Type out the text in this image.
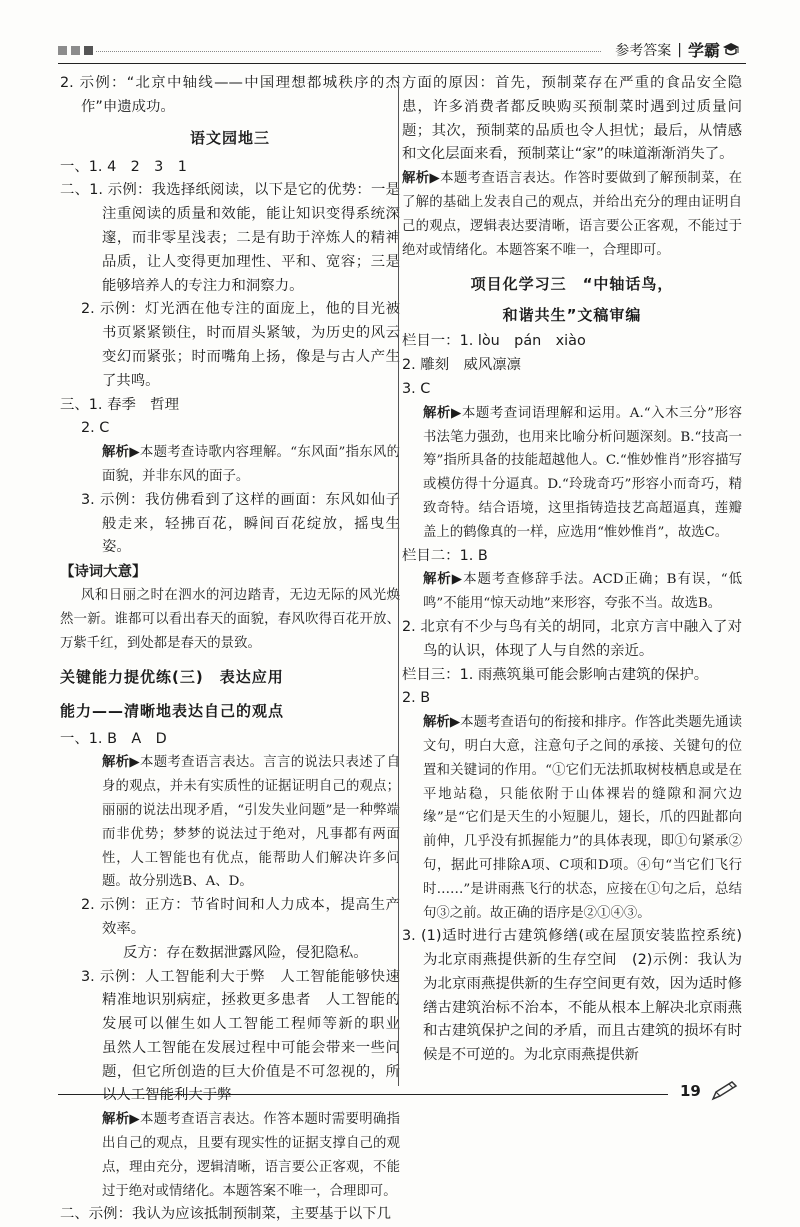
参考答案 | 学霸

2. 示例：“北京中轴线——中国理想都城秩序的杰作”申遗成功。

语文园地三

一、1. 4　2　3　1

二、1. 示例：我选择纸阅读，以下是它的优势：一是注重阅读的质量和效能，能让知识变得系统深邃，而非零星浅表；二是有助于淬炼人的精神品质，让人变得更加理性、平和、宽容；三是能够培养人的专注力和洞察力。

2. 示例：灯光洒在他专注的面庞上，他的目光被书页紧紧锁住，时而眉头紧皱，为历史的风云变幻而紧张；时而嘴角上扬，像是与古人产生了共鸣。

三、1. 春季　哲理

2. C

解析▶本题考查诗歌内容理解。“东风面”指东风的面貌，并非东风的面子。

3. 示例：我仿佛看到了这样的画面：东风如仙子般走来，轻拂百花，瞬间百花绽放，摇曳生姿。

【诗词大意】

风和日丽之时在泗水的河边踏青，无边无际的风光焕然一新。谁都可以看出春天的面貌，春风吹得百花开放、万紫千红，到处都是春天的景致。

关键能力提优练(三)　表达应用

能力——清晰地表达自己的观点

一、1. B　A　D

解析▶本题考查语言表达。言言的说法只表述了自身的观点，并未有实质性的证据证明自己的观点；丽丽的说法出现矛盾，“引发失业问题”是一种弊端而非优势；梦梦的说法过于绝对，凡事都有两面性，人工智能也有优点，能帮助人们解决许多问题。故分别选B、A、D。

2. 示例：正方：节省时间和人力成本，提高生产效率。

反方：存在数据泄露风险，侵犯隐私。

3. 示例：人工智能利大于弊　人工智能能够快速精准地识别病症，拯救更多患者　人工智能的发展可以催生如人工智能工程师等新的职业　虽然人工智能在发展过程中可能会带来一些问题，但它所创造的巨大价值是不可忽视的，所以人工智能利大于弊

解析▶本题考查语言表达。作答本题时需要明确指出自己的观点，且要有现实性的证据支撑自己的观点，理由充分，逻辑清晰，语言要公正客观，不能过于绝对或情绪化。本题答案不唯一，合理即可。

二、示例：我认为应该抵制预制菜，主要基于以下几

方面的原因：首先，预制菜存在严重的食品安全隐患，许多消费者都反映购买预制菜时遇到过质量问题；其次，预制菜的品质也令人担忧；最后，从情感和文化层面来看，预制菜让“家”的味道渐渐消失了。

解析▶本题考查语言表达。作答时要做到了解预制菜，在了解的基础上发表自己的观点，并给出充分的理由证明自己的观点，逻辑表达要清晰，语言要公正客观，不能过于绝对或情绪化。本题答案不唯一，合理即可。

项目化学习三　“中轴话鸟，

和谐共生”文稿审编

栏目一：1. lòu　pán　xiào

2. 雕刻　威风凛凛

3. C

解析▶本题考查词语理解和运用。A.“入木三分”形容书法笔力强劲，也用来比喻分析问题深刻。B.“技高一筹”指所具备的技能超越他人。C.“惟妙惟肖”形容描写或模仿得十分逼真。D.“玲珑奇巧”形容小而奇巧，精致奇特。结合语境，这里指铸造技艺高超逼真，莲瓣盖上的鹤像真的一样，应选用“惟妙惟肖”，故选C。

栏目二：1. B

解析▶本题考查修辞手法。ACD正确；B有误，“低鸣”不能用“惊天动地”来形容，夸张不当。故选B。

2. 北京有不少与鸟有关的胡同，北京方言中融入了对鸟的认识，体现了人与自然的亲近。

栏目三：1. 雨燕筑巢可能会影响古建筑的保护。

2. B

解析▶本题考查语句的衔接和排序。作答此类题先通读文句，明白大意，注意句子之间的承接、关键句的位置和关键词的作用。“①它们无法抓取树枝栖息或是在平地站稳，只能依附于山体裸岩的缝隙和洞穴边缘”是“它们是天生的小短腿儿，翅长，爪的四趾都向前伸，几乎没有抓握能力”的具体表现，即①句紧承②句，据此可排除A项、C项和D项。④句“当它们飞行时……”是讲雨燕飞行的状态，应接在①句之后，总结句③之前。故正确的语序是②①④③。

3. (1)适时进行古建筑修缮(或在屋顶安装监控系统)　为北京雨燕提供新的生存空间　(2)示例：我认为为北京雨燕提供新的生存空间更有效，因为适时修缮古建筑治标不治本，不能从根本上解决北京雨燕和古建筑保护之间的矛盾，而且古建筑的损坏有时候是不可逆的。为北京雨燕提供新

19
